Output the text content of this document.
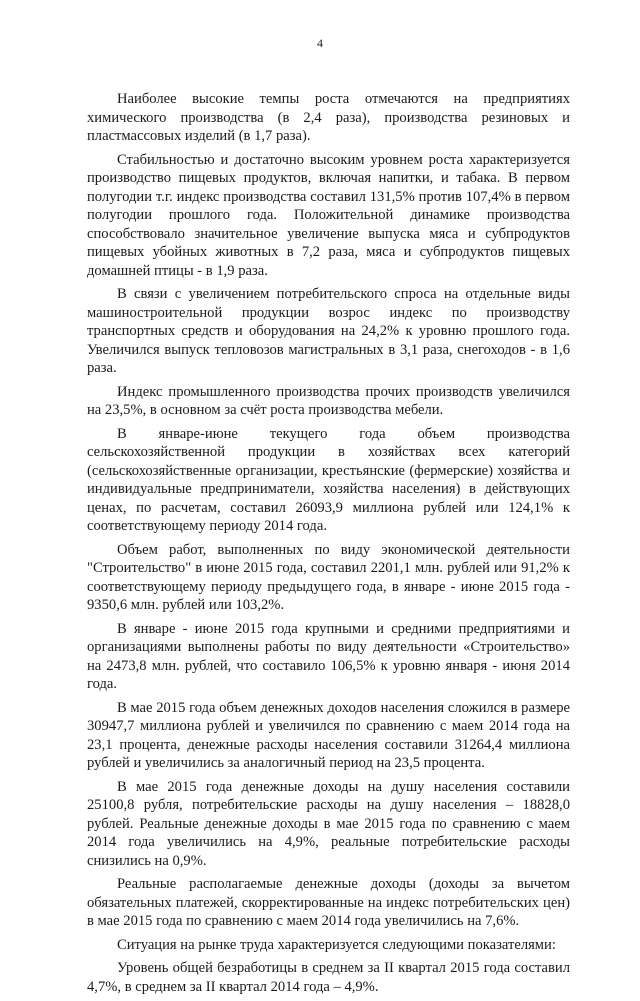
4

Наиболее высокие темпы роста отмечаются на предприятиях химического производства (в 2,4 раза), производства резиновых и пластмассовых изделий (в 1,7 раза).

Стабильностью и достаточно высоким уровнем роста характеризуется производство пищевых продуктов, включая напитки, и табака. В первом полугодии т.г. индекс производства составил 131,5% против 107,4% в первом полугодии прошлого года. Положительной динамике производства способствовало значительное увеличение выпуска мяса и субпродуктов пищевых убойных животных в 7,2 раза, мяса и субпродуктов пищевых домашней птицы - в 1,9 раза.

В связи с увеличением потребительского спроса на отдельные виды машиностроительной продукции возрос индекс по производству транспортных средств и оборудования на 24,2% к уровню прошлого года. Увеличился выпуск тепловозов магистральных в 3,1 раза, снегоходов - в 1,6 раза.

Индекс промышленного производства прочих производств увеличился на 23,5%, в основном за счёт роста производства мебели.

В январе-июне текущего года объем производства сельскохозяйственной продукции в хозяйствах всех категорий (сельскохозяйственные организации, крестьянские (фермерские) хозяйства и индивидуальные предприниматели, хозяйства населения) в действующих ценах, по расчетам, составил 26093,9 миллиона рублей или 124,1% к соответствующему периоду 2014 года.

Объем работ, выполненных по виду экономической деятельности "Строительство" в июне 2015 года, составил 2201,1 млн. рублей или 91,2% к соответствующему периоду предыдущего года, в январе - июне 2015 года - 9350,6 млн. рублей или 103,2%.

В январе - июне 2015 года крупными и средними предприятиями и организациями выполнены работы по виду деятельности «Строительство» на 2473,8 млн. рублей, что составило 106,5% к уровню января - июня 2014 года.

В мае 2015 года объем денежных доходов населения сложился в размере 30947,7 миллиона рублей и увеличился по сравнению с маем 2014 года на 23,1 процента, денежные расходы населения составили 31264,4 миллиона рублей и увеличились за аналогичный период на 23,5 процента.

В мае 2015 года денежные доходы на душу населения составили 25100,8 рубля, потребительские расходы на душу населения – 18828,0 рублей. Реальные денежные доходы в мае 2015 года по сравнению с маем 2014 года увеличились на 4,9%, реальные потребительские расходы снизились на 0,9%.

Реальные располагаемые денежные доходы (доходы за вычетом обязательных платежей, скорректированные на индекс потребительских цен) в мае 2015 года по сравнению с маем 2014 года увеличились на 7,6%.

Ситуация на рынке труда характеризуется следующими показателями:

Уровень общей безработицы в среднем за II квартал 2015 года составил 4,7%, в среднем за II квартал 2014 года – 4,9%.
